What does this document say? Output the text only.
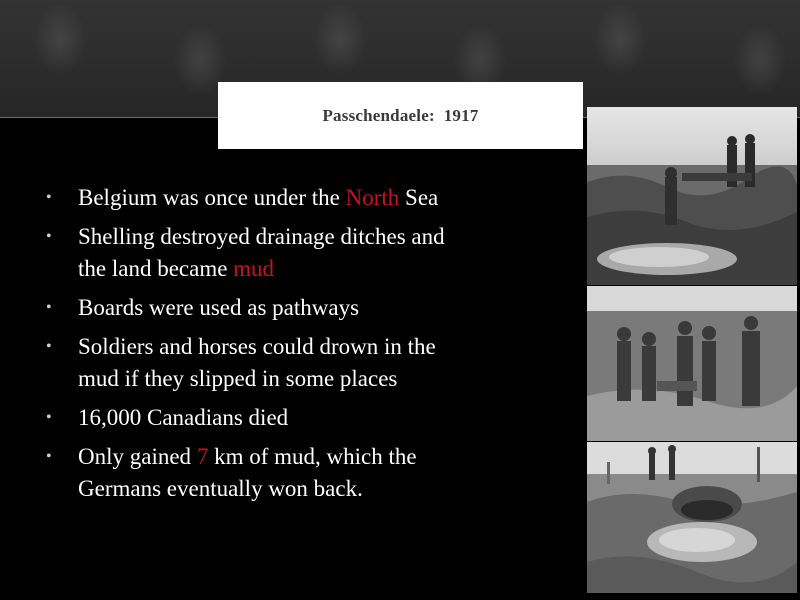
Passchendaele:  1917
• Belgium was once under the North Sea
• Shelling destroyed drainage ditches and the land became mud
• Boards were used as pathways
• Soldiers and horses could drown in the mud if they slipped in some places
• 16,000 Canadians died
• Only gained 7 km of mud, which the Germans eventually won back.
